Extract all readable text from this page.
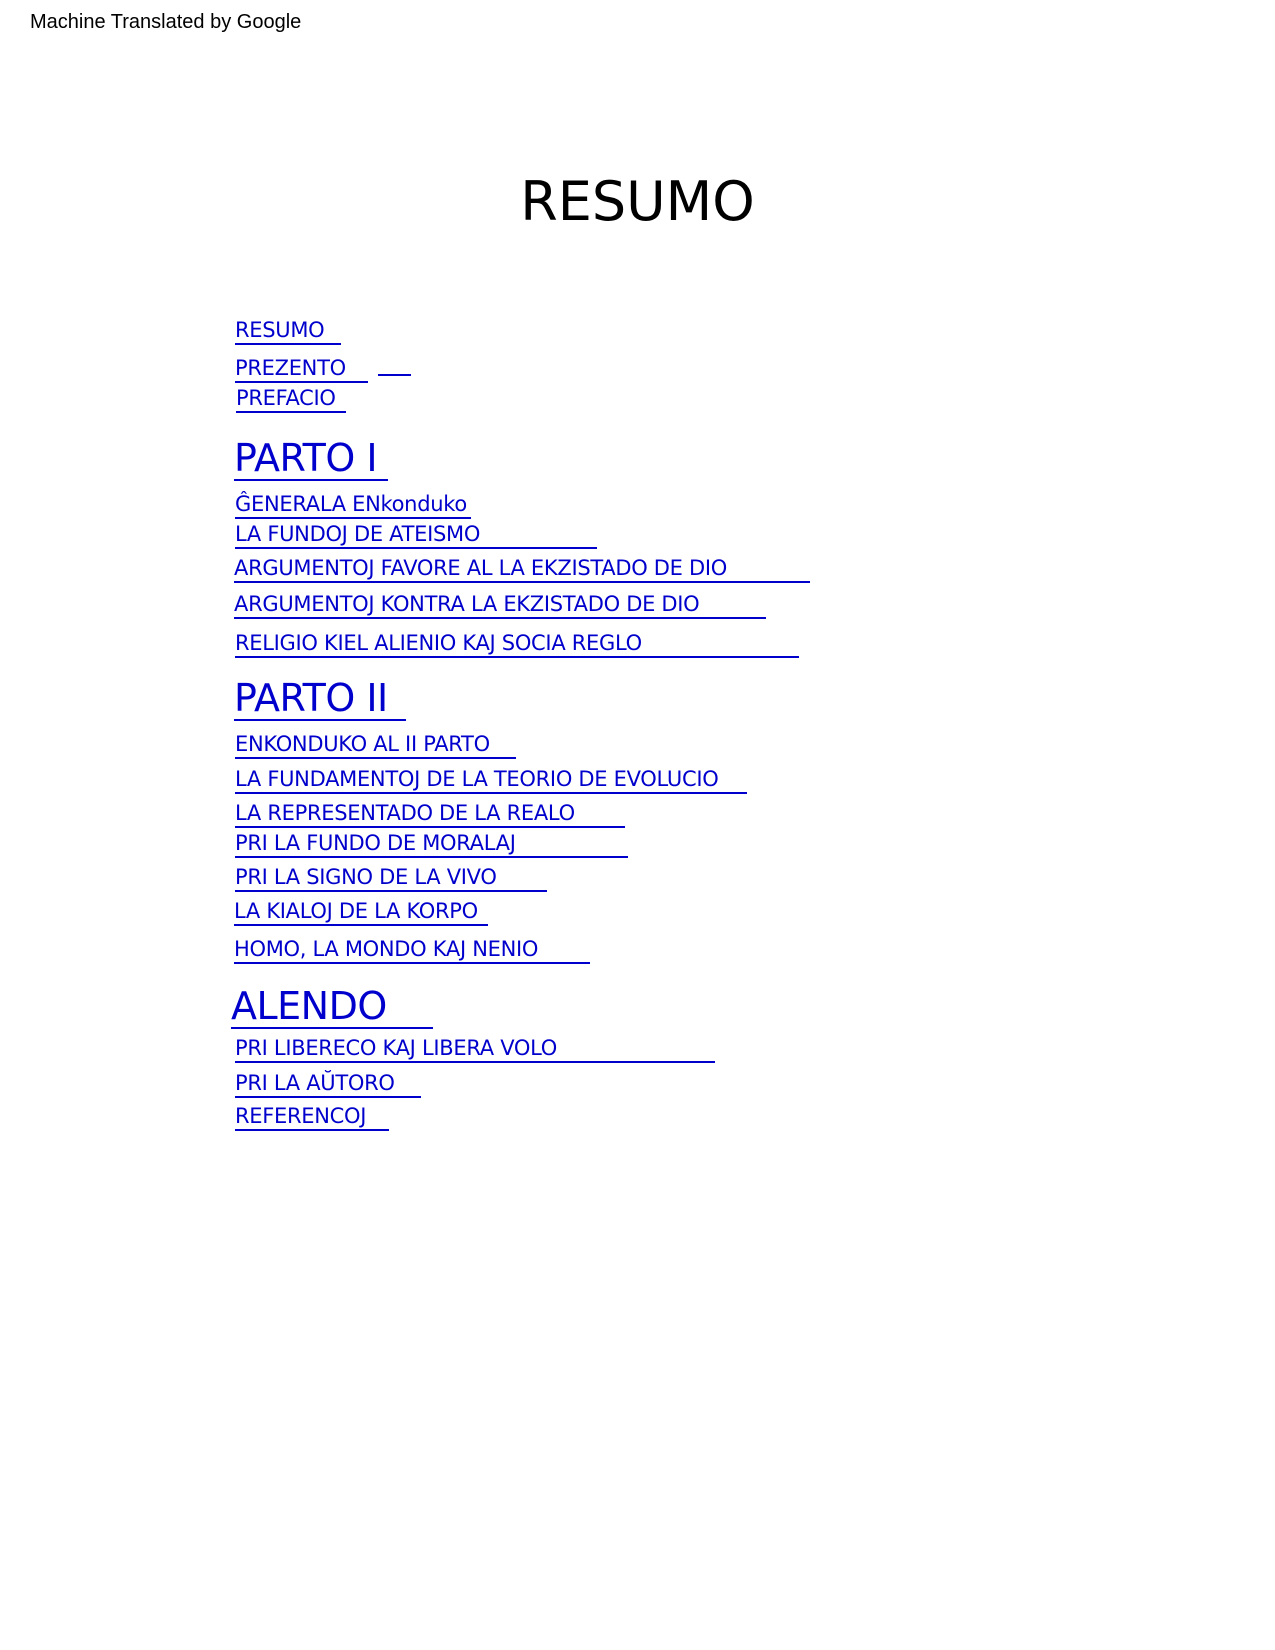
Machine Translated by Google
RESUMO
RESUMO
PREZENTO
PREFACIO
PARTO I
ĜENERALA ENkonduko
LA FUNDOJ DE ATEISMO
ARGUMENTOJ FAVORE AL LA EKZISTADO DE DIO
ARGUMENTOJ KONTRA LA EKZISTADO DE DIO
RELIGIO KIEL ALIENIO KAJ SOCIA REGLO
PARTO II
ENKONDUKO AL II PARTO
LA FUNDAMENTOJ DE LA TEORIO DE EVOLUCIO
LA REPRESENTADO DE LA REALO
PRI LA FUNDO DE MORALAJ
PRI LA SIGNO DE LA VIVO
LA KIALOJ DE LA KORPO
HOMO, LA MONDO KAJ NENIO
ALENDO
PRI LIBERECO KAJ LIBERA VOLO
PRI LA AŬTORO
REFERENCOJ
